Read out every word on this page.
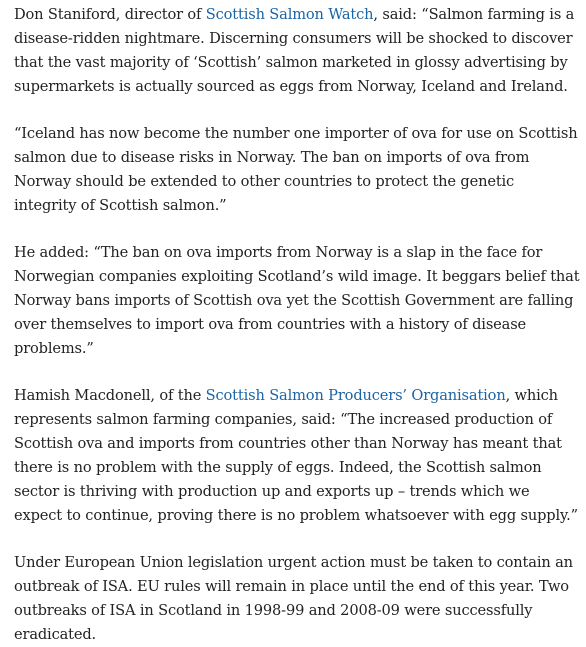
Don Staniford, director of Scottish Salmon Watch, said: “Salmon farming is a disease-ridden nightmare. Discerning consumers will be shocked to discover that the vast majority of ‘Scottish’ salmon marketed in glossy advertising by supermarkets is actually sourced as eggs from Norway, Iceland and Ireland.

“Iceland has now become the number one importer of ova for use on Scottish salmon due to disease risks in Norway. The ban on imports of ova from Norway should be extended to other countries to protect the genetic integrity of Scottish salmon.”

He added: “The ban on ova imports from Norway is a slap in the face for Norwegian companies exploiting Scotland’s wild image. It beggars belief that Norway bans imports of Scottish ova yet the Scottish Government are falling over themselves to import ova from countries with a history of disease problems.”

Hamish Macdonell, of the Scottish Salmon Producers’ Organisation, which represents salmon farming companies, said: “The increased production of Scottish ova and imports from countries other than Norway has meant that there is no problem with the supply of eggs. Indeed, the Scottish salmon sector is thriving with production up and exports up – trends which we expect to continue, proving there is no problem whatsoever with egg supply.”

Under European Union legislation urgent action must be taken to contain an outbreak of ISA. EU rules will remain in place until the end of this year. Two outbreaks of ISA in Scotland in 1998-99 and 2008-09 were successfully eradicated.
